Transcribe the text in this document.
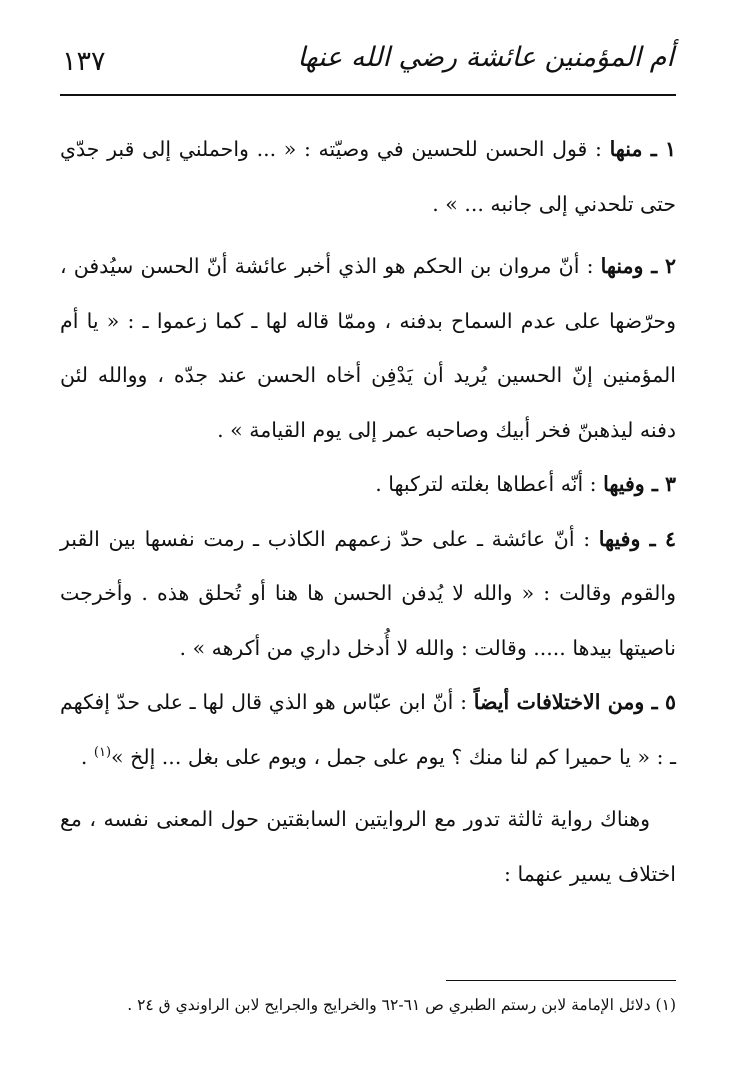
أم المؤمنين عائشة رضي الله عنها
١٣٧

١ ـ منها : قول الحسن للحسين في وصيّته : « ... واحملني إلى قبر جدّي حتى تلحدني إلى جانبه ... » .

٢ ـ ومنها : أنّ مروان بن الحكم هو الذي أخبر عائشة أنّ الحسن سيُدفن ، وحرّضها على عدم السماح بدفنه ، وممّا قاله لها ـ كما زعموا ـ : « يا أم المؤمنين إنّ الحسين يُريد أن يَدْفِن أخاه الحسن عند جدّه ، ووالله لئن دفنه ليذهبنّ فخر أبيك وصاحبه عمر إلى يوم القيامة » .

٣ ـ وفيها : أنّه أعطاها بغلته لتركبها .

٤ ـ وفيها : أنّ عائشة ـ على حدّ زعمهم الكاذب ـ رمت نفسها بين القبر والقوم وقالت : « والله لا يُدفن الحسن ها هنا أو تُحلق هذه . وأخرجت ناصيتها بيدها ..... وقالت : والله لا أُدخل داري من أكرهه » .

٥ ـ ومن الاختلافات أيضاً : أنّ ابن عبّاس هو الذي قال لها ـ على حدّ إفكهم ـ : « يا حميرا كم لنا منك ؟ يوم على جمل ، ويوم على بغل ... إلخ »$^{(١)}$ .

وهناك رواية ثالثة تدور مع الروايتين السابقتين حول المعنى نفسه ، مع اختلاف يسير عنهما :

(١) دلائل الإمامة لابن رستم الطبري ص ٦١-٦٢ والخرايج والجرايح لابن الراوندي ق ٢٤ .
